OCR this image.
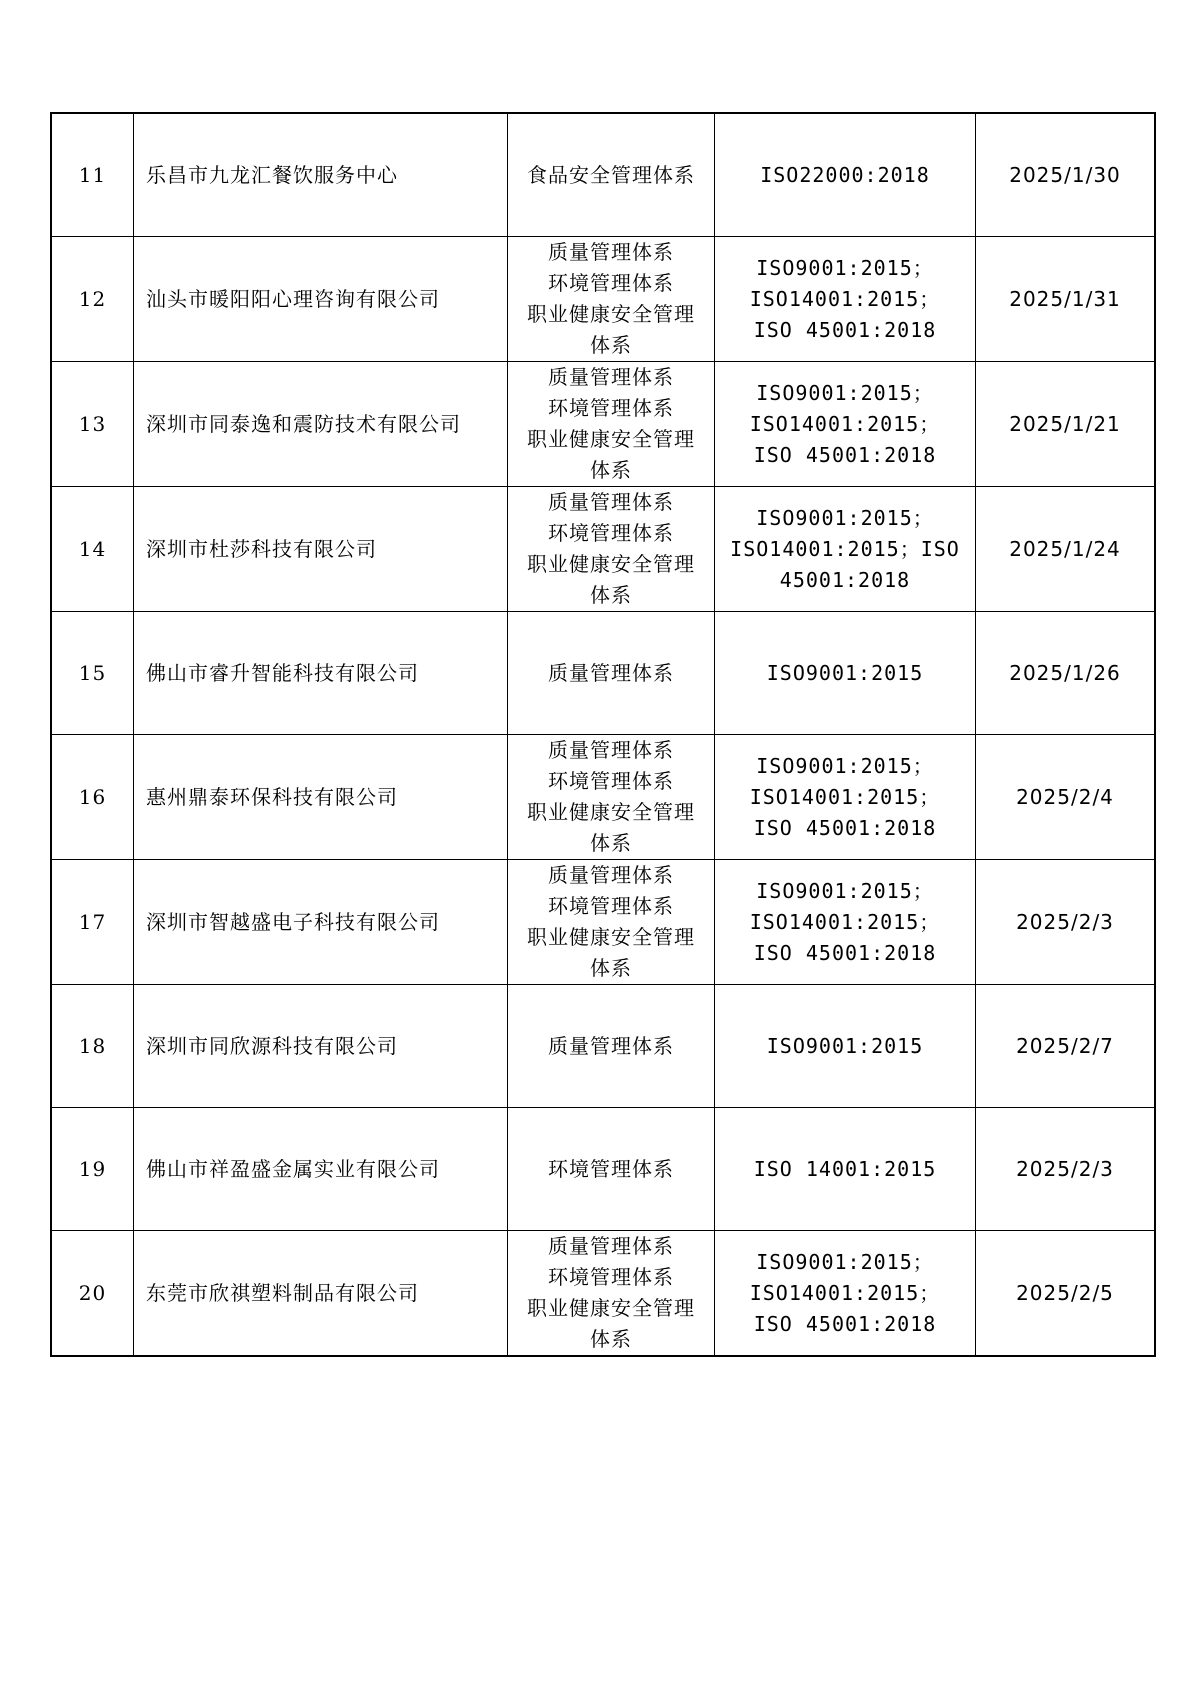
11	乐昌市九龙汇餐饮服务中心	食品安全管理体系	ISO22000:2018	2025/1/30
12	汕头市暖阳阳心理咨询有限公司	质量管理体系
环境管理体系
职业健康安全管理
体系	ISO9001:2015；
ISO14001:2015；
ISO 45001:2018	2025/1/31
13	深圳市同泰逸和震防技术有限公司	质量管理体系
环境管理体系
职业健康安全管理
体系	ISO9001:2015；
ISO14001:2015；
ISO 45001:2018	2025/1/21
14	深圳市杜莎科技有限公司	质量管理体系
环境管理体系
职业健康安全管理
体系	ISO9001:2015；
ISO14001:2015；ISO
45001:2018	2025/1/24
15	佛山市睿升智能科技有限公司	质量管理体系	ISO9001:2015	2025/1/26
16	惠州鼎泰环保科技有限公司	质量管理体系
环境管理体系
职业健康安全管理
体系	ISO9001:2015；
ISO14001:2015；
ISO 45001:2018	2025/2/4
17	深圳市智越盛电子科技有限公司	质量管理体系
环境管理体系
职业健康安全管理
体系	ISO9001:2015；
ISO14001:2015；
ISO 45001:2018	2025/2/3
18	深圳市同欣源科技有限公司	质量管理体系	ISO9001:2015	2025/2/7
19	佛山市祥盈盛金属实业有限公司	环境管理体系	ISO 14001:2015	2025/2/3
20	东莞市欣祺塑料制品有限公司	质量管理体系
环境管理体系
职业健康安全管理
体系	ISO9001:2015；
ISO14001:2015；
ISO 45001:2018	2025/2/5
